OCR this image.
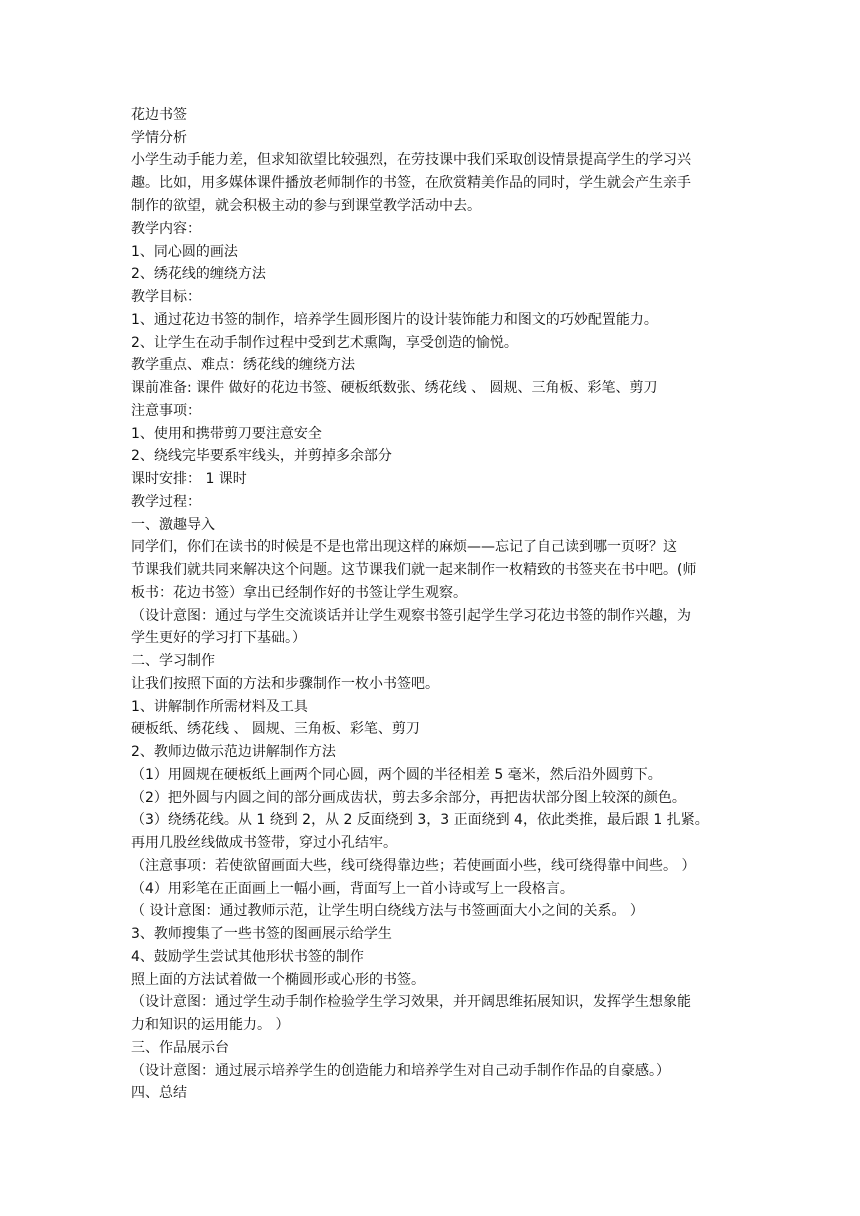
花边书签
学情分析
小学生动手能力差，但求知欲望比较强烈，在劳技课中我们采取创设情景提高学生的学习兴
趣。比如，用多媒体课件播放老师制作的书签，在欣赏精美作品的同时，学生就会产生亲手
制作的欲望，就会积极主动的参与到课堂教学活动中去。
教学内容：
1、同心圆的画法
2、绣花线的缠绕方法
教学目标：
1、通过花边书签的制作，培养学生圆形图片的设计装饰能力和图文的巧妙配置能力。
2、让学生在动手制作过程中受到艺术熏陶，享受创造的愉悦。
教学重点、难点：绣花线的缠绕方法
课前准备: 课件 做好的花边书签、硬板纸数张、绣花线 、 圆规、三角板、彩笔、剪刀
注意事项：
1、使用和携带剪刀要注意安全
2、绕线完毕要系牢线头，并剪掉多余部分
课时安排： 1 课时
教学过程：
一、激趣导入
同学们，你们在读书的时候是不是也常出现这样的麻烦——忘记了自己读到哪一页呀？这
节课我们就共同来解决这个问题。这节课我们就一起来制作一枚精致的书签夹在书中吧。(师
板书：花边书签）拿出已经制作好的书签让学生观察。
（设计意图：通过与学生交流谈话并让学生观察书签引起学生学习花边书签的制作兴趣，为
学生更好的学习打下基础。）
二、学习制作
让我们按照下面的方法和步骤制作一枚小书签吧。
1、讲解制作所需材料及工具
硬板纸、绣花线 、 圆规、三角板、彩笔、剪刀
2、教师边做示范边讲解制作方法
（1）用圆规在硬板纸上画两个同心圆，两个圆的半径相差 5 毫米，然后沿外圆剪下。
（2）把外圆与内圆之间的部分画成齿状，剪去多余部分，再把齿状部分图上较深的颜色。
（3）绕绣花线。从 1 绕到 2，从 2 反面绕到 3，3 正面绕到 4，依此类推，最后跟 1 扎紧。
再用几股丝线做成书签带，穿过小孔结牢。
（注意事项：若使欲留画面大些，线可绕得靠边些；若使画面小些，线可绕得靠中间些。 ）
（4）用彩笔在正面画上一幅小画，背面写上一首小诗或写上一段格言。
（ 设计意图：通过教师示范，让学生明白绕线方法与书签画面大小之间的关系。 ）
3、教师搜集了一些书签的图画展示给学生
4、鼓励学生尝试其他形状书签的制作
照上面的方法试着做一个椭圆形或心形的书签。
（设计意图：通过学生动手制作检验学生学习效果，并开阔思维拓展知识，发挥学生想象能
力和知识的运用能力。 ）
三、作品展示台
（设计意图：通过展示培养学生的创造能力和培养学生对自己动手制作作品的自豪感。）
四、总结
